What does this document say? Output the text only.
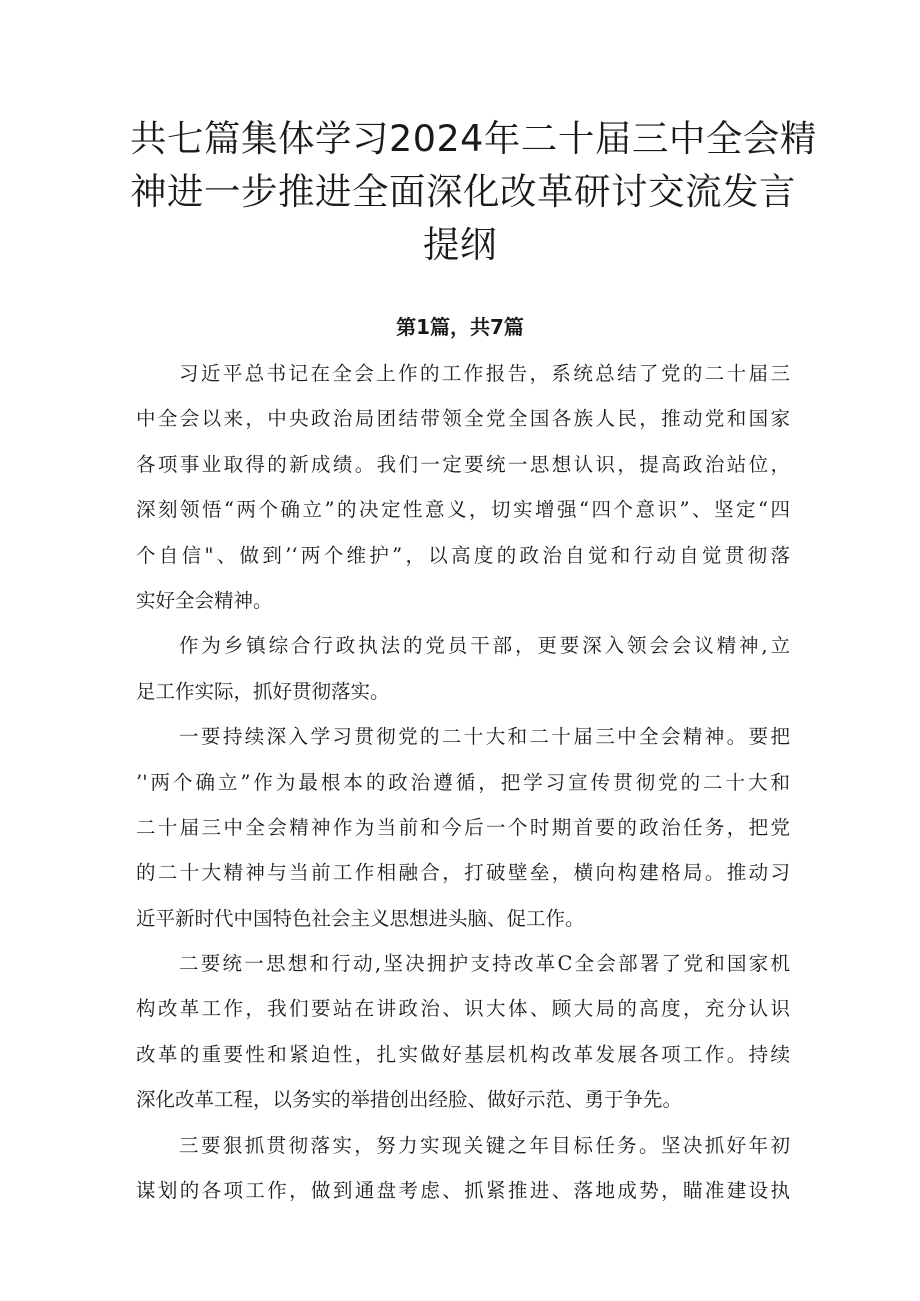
共七篇集体学习2024年二十届三中全会精
神进一步推进全面深化改革研讨交流发言
提纲
第1篇，共7篇

习近平总书记在全会上作的工作报告，系统总结了党的二十届三
中全会以来，中央政治局团结带领全党全国各族人民，推动党和国家
各项事业取得的新成绩。我们一定要统一思想认识，提高政治站位，
深刻领悟“两个确立”的决定性意义，切实增强“四个意识”、坚定“四
个自信"、做到’‘两个维护”，以高度的政治自觉和行动自觉贯彻落
实好全会精神。

作为乡镇综合行政执法的党员干部，更要深入领会会议精神,立
足工作实际，抓好贯彻落实。

一要持续深入学习贯彻党的二十大和二十届三中全会精神。要把
’'两个确立”作为最根本的政治遵循，把学习宣传贯彻党的二十大和
二十届三中全会精神作为当前和今后一个时期首要的政治任务，把党
的二十大精神与当前工作相融合，打破壁垒，横向构建格局。推动习
近平新时代中国特色社会主义思想进头脑、促工作。

二要统一思想和行动,坚决拥护支持改革C全会部署了党和国家机
构改革工作，我们要站在讲政治、识大体、顾大局的高度，充分认识
改革的重要性和紧迫性，扎实做好基层机构改革发展各项工作。持续
深化改革工程，以务实的举措创出经脸、做好示范、勇于争先。

三要狠抓贯彻落实，努力实现关键之年目标任务。坚决抓好年初
谋划的各项工作，做到通盘考虑、抓紧推进、落地成势，瞄准建设执
